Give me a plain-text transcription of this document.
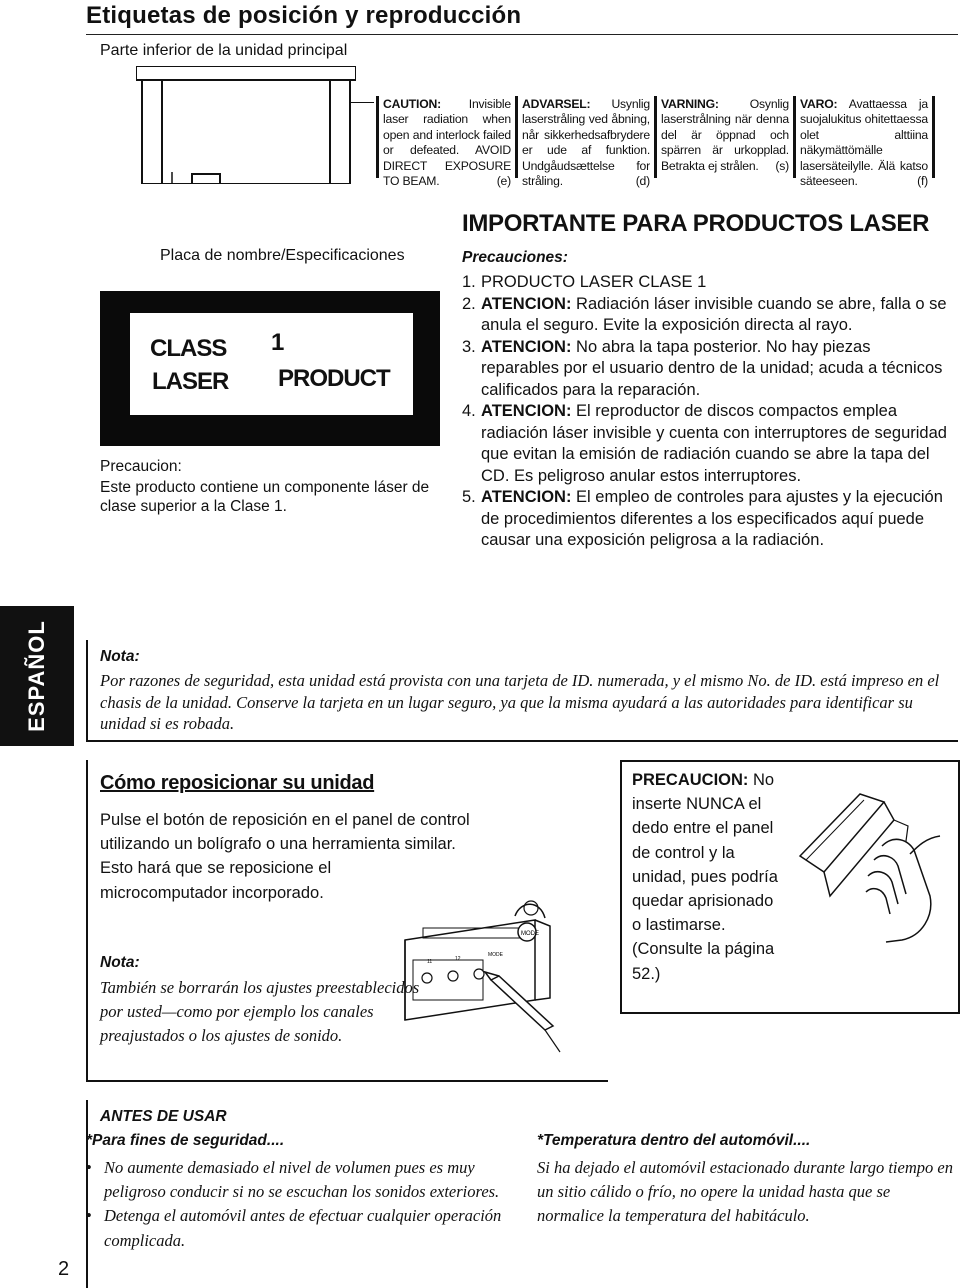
Etiquetas de posición y reproducción
Parte inferior de la unidad principal
CAUTION: Invisible laser radiation when open and interlock failed or defeated. AVOID DIRECT EXPOSURE TO BEAM.	(e)
ADVARSEL: Usynlig laserstråling ved åbning, når sikkerhedsafbrydere er ude af funktion. Undgåudsættelse for stråling.	(d)
VARNING:	Osynlig laserstrålning när denna del är öppnad och spärren är urkopplad. Betrakta ej strålen. (s)
VARO: Avattaessa ja suojalukitus ohitettaessa olet alttiina näkymättömälle lasersäteilylle. Älä katso säteeseen.	(f)
Placa de nombre/Especificaciones
CLASS 1
LASER PRODUCT
Precaucion:
Este producto contiene un componente láser de clase superior a la Clase 1.
IMPORTANTE PARA PRODUCTOS LASER
Precauciones:
1. PRODUCTO LASER CLASE 1
2. ATENCION: Radiación láser invisible cuando se abre, falla o se anula el seguro. Evite la exposición directa al rayo.
3. ATENCION: No abra la tapa posterior. No hay piezas reparables por el usuario dentro de la unidad; acuda a técnicos calificados para la reparación.
4. ATENCION: El reproductor de discos compactos emplea radiación láser invisible y cuenta con interruptores de seguridad que evitan la emisión de radiación cuando se abre la tapa del CD. Es peligroso anular estos interruptores.
5. ATENCION: El empleo de controles para ajustes y la ejecución de procedimientos diferentes a los especificados aquí puede causar una exposición peligrosa a la radiación.
ESPAÑOL	Nota:
Por razones de seguridad, esta unidad está provista con una tarjeta de ID. numerada, y el mismo No. de ID. está impreso en el chasis de la unidad. Conserve la tarjeta en un lugar seguro, ya que la misma ayudará a las autoridades para identificar su unidad si es robada.
Cómo reposicionar su unidad
Pulse el botón de reposición en el panel de control utilizando un bolígrafo o una herramienta similar.
Esto hará que se reposicione el microcomputador incorporado.
Nota:
También se borrarán los ajustes preestablecidos por usted—como por ejemplo los canales preajustados o los ajustes de sonido.
MODE
11	12
MODE
PRECAUCION: No inserte NUNCA el dedo entre el panel de control y la unidad, pues podría quedar aprisionado o lastimarse. (Consulte la página 52.)
ANTES DE USAR
*Para fines de seguridad....
• No aumente demasiado el nivel de volumen pues es muy peligroso conducir si no se escuchan los sonidos exteriores.
• Detenga el automóvil antes de efectuar cualquier operación complicada.
*Temperatura dentro del automóvil....
Si ha dejado el automóvil estacionado durante largo tiempo en un sitio cálido o frío, no opere la unidad hasta que se normalice la temperatura del habitáculo.
2
